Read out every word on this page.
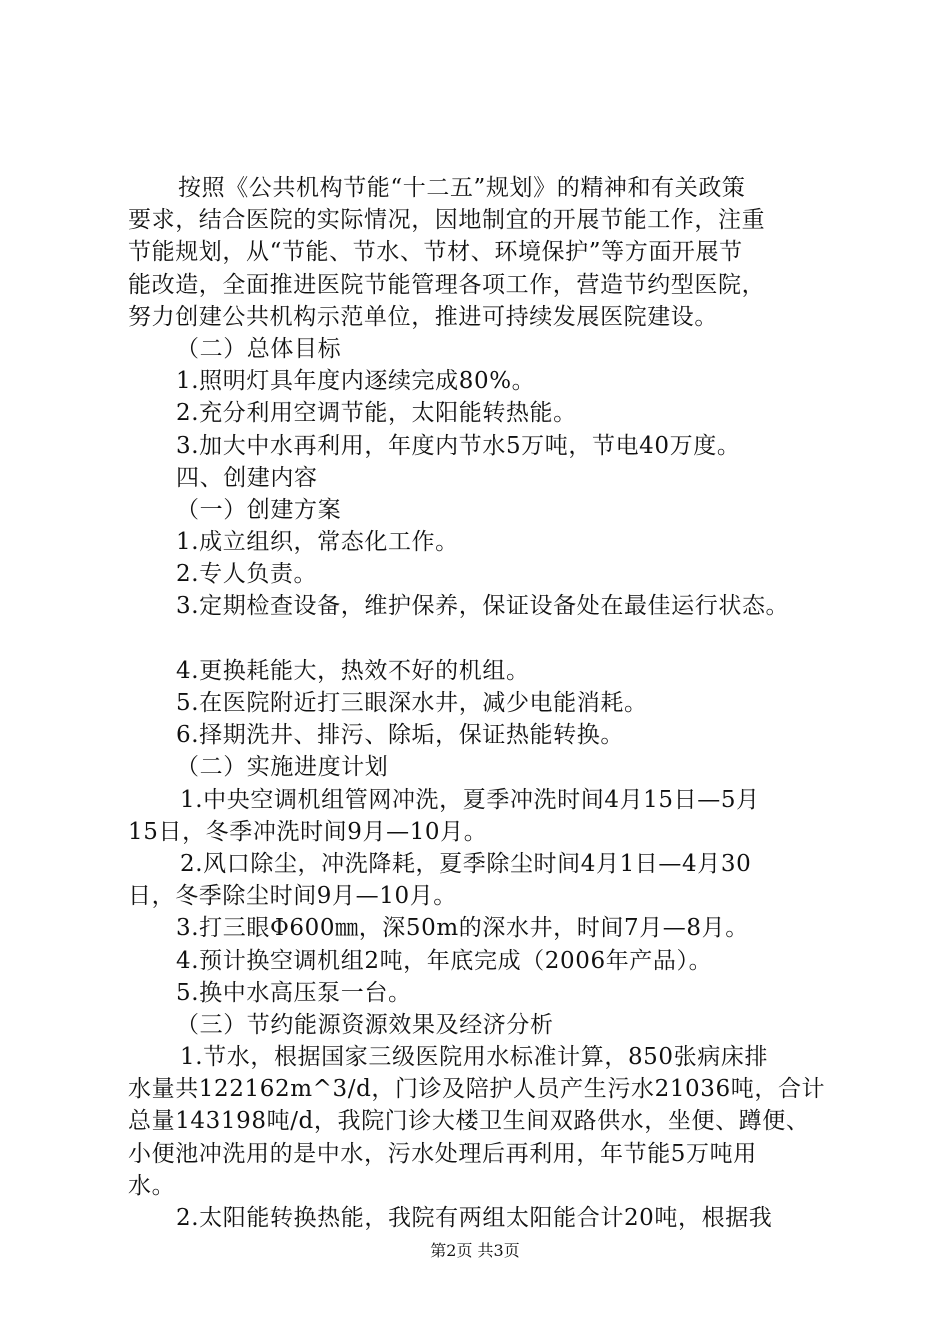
按照《公共机构节能“十二五”规划》的精神和有关政策
要求，结合医院的实际情况，因地制宜的开展节能工作，注重
节能规划，从“节能、节水、节材、环境保护”等方面开展节
能改造，全面推进医院节能管理各项工作，营造节约型医院，
努力创建公共机构示范单位，推进可持续发展医院建设。
（二）总体目标
1.照明灯具年度内逐续完成80%。
2.充分利用空调节能，太阳能转热能。
3.加大中水再利用，年度内节水5万吨，节电40万度。
四、创建内容
（一）创建方案
1.成立组织，常态化工作。
2.专人负责。
3.定期检查设备，维护保养，保证设备处在最佳运行状态。
4.更换耗能大，热效不好的机组。
5.在医院附近打三眼深水井，减少电能消耗。
6.择期洗井、排污、除垢，保证热能转换。
（二）实施进度计划
1.中央空调机组管网冲洗，夏季冲洗时间4月15日—5月
15日，冬季冲洗时间9月—10月。
2.风口除尘，冲洗降耗，夏季除尘时间4月1日—4月30
日，冬季除尘时间9月—10月。
3.打三眼Φ600㎜，深50m的深水井，时间7月—8月。
4.预计换空调机组2吨，年底完成（2006年产品）。
5.换中水高压泵一台。
（三）节约能源资源效果及经济分析
1.节水，根据国家三级医院用水标准计算，850张病床排
水量共122162m^3/d，门诊及陪护人员产生污水21036吨，合计
总量143198吨/d，我院门诊大楼卫生间双路供水，坐便、蹲便、
小便池冲洗用的是中水，污水处理后再利用，年节能5万吨用
水。
2.太阳能转换热能，我院有两组太阳能合计20吨，根据我
第2页 共3页
